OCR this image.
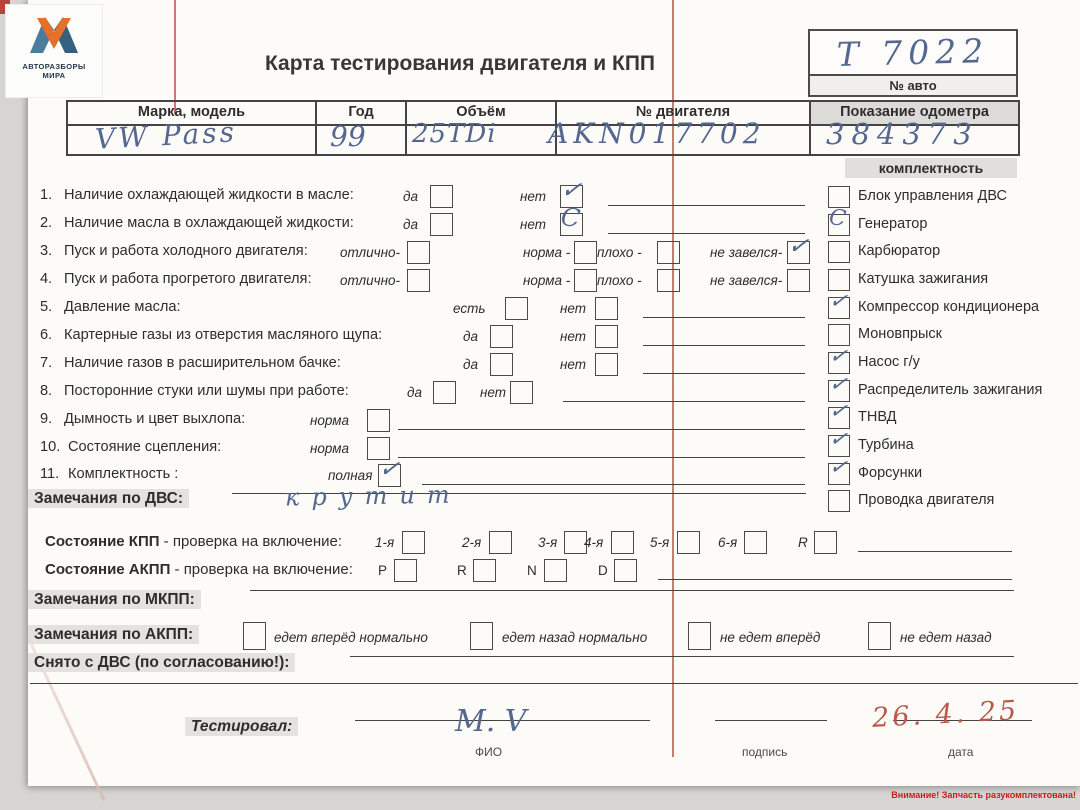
АВТОРАЗБОРЫ
МИРА
Карта тестирования двигателя и КПП	Т 7022
№ авто
Марка, модель	Год	Объём	№ двигателя	Показание одометра
VW Pass	99 25TDi AKN017702 384373
комплектность
Блок управления ДВС
C Генератор
Карбюратор
Катушка зажигания
✓ Компрессор кондиционера
Моновпрыск
✓ Насос г/у
✓ Распределитель зажигания
✓ ТНВД
✓ Турбина
✓ Форсунки
Проводка двигателя
1. Наличие охлаждающей жидкости в масле:	да	нет ✓
2. Наличие масла в охлаждающей жидкости:	да	нет C
3. Пуск и работа холодного двигателя: отлично-	норма - плохо -	не завелся- ✓
4. Пуск и работа прогретого двигателя: отлично-	норма - плохо -	не завелся-
5. Давление масла:	есть	нет
6. Картерные газы из отверстия масляного щупа:	да	нет
7. Наличие газов в расширительном бачке:	да	нет
8. Посторонние стуки или шумы при работе:	да	нет
9. Дымность и цвет выхлопа:	норма
10. Состояние сцепления:	норма
11. Комплектность :	полная ✓
Замечания по ДВС:	крутит
Состояние КПП - проверка на включение: 1-я	2-я	3-я 4-я	5-я	6-я	R
Состояние АКПП - проверка на включение: P	R	N	D
Замечания по МКПП:
Замечания по АКПП:	едет вперёд нормально	едет назад нормально	не едет вперёд	не едет назад
Снято с ДВС (по согласованию!):
Тестировал:	М. V
ФИО	подпись	дата
26. 4. 25
Внимание! Запчасть разукомплектована!
